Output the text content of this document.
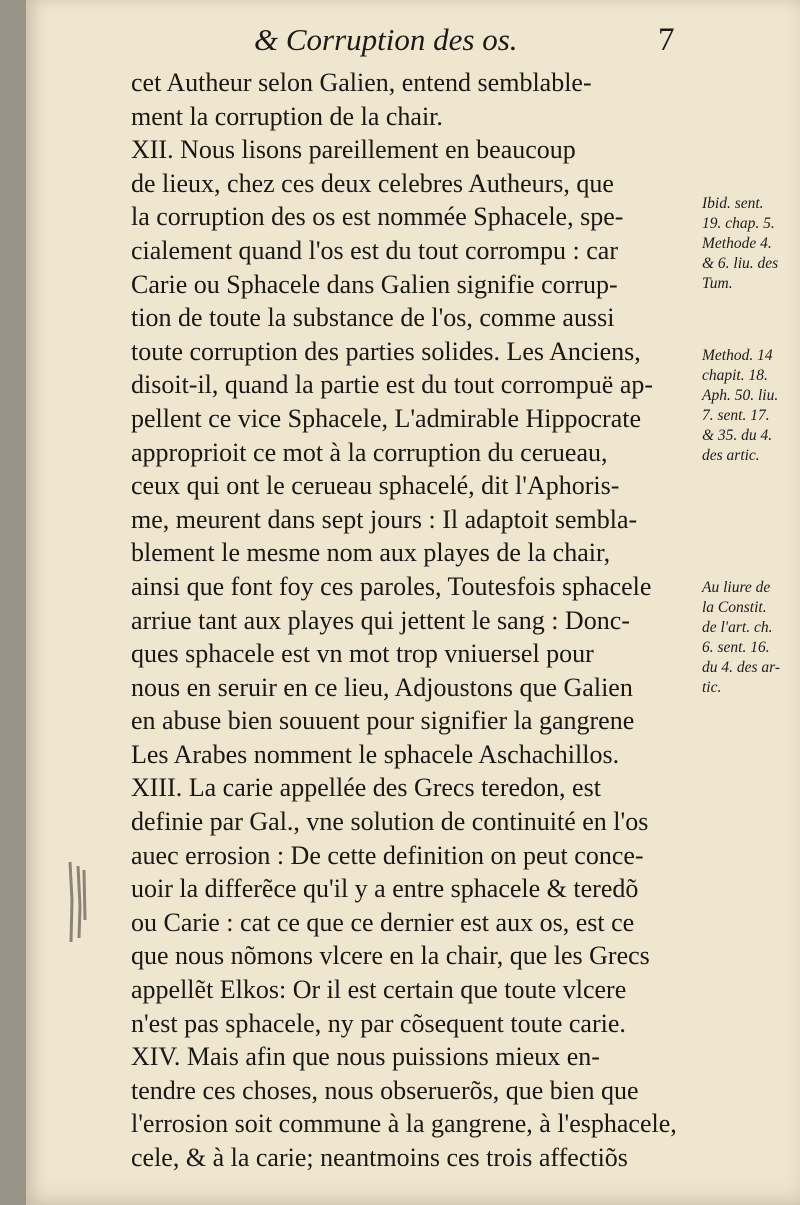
& Corruption des os.	7
cet Autheur selon Galien, entend semblable-
ment la corruption de la chair.
XII. Nous lisons pareillement en beaucoup
de lieux, chez ces deux celebres Autheurs, que
la corruption des os est nommée Sphacele, spe-
cialement quand l'os est du tout corrompu : car
Carie ou Sphacele dans Galien signifie corrup-
tion de toute la substance de l'os, comme aussi
toute corruption des parties solides. Les Anciens,
disoit-il, quand la partie est du tout corrompuë ap-
pellent ce vice Sphacele, L'admirable Hippocrate
approprioit ce mot à la corruption du cerueau,
ceux qui ont le cerueau sphacelé, dit l'Aphoris-
me, meurent dans sept jours : Il adaptoit sembla-
blement le mesme nom aux playes de la chair,
ainsi que font foy ces paroles, Toutesfois sphacele
arriue tant aux playes qui jettent le sang : Donc-
ques sphacele est vn mot trop vniuersel pour
nous en seruir en ce lieu, Adjoustons que Galien
en abuse bien souuent pour signifier la gangrene
Les Arabes nomment le sphacele Aschachillos.
XIII. La carie appellée des Grecs teredon, est
definie par Gal., vne solution de continuité en l'os
auec errosion : De cette definition on peut conce-
uoir la differẽce qu'il y a entre sphacele & teredõ
ou Carie : cat ce que ce dernier est aux os, est ce
que nous nõmons vlcere en la chair, que les Grecs
appellẽt Elkos: Or il est certain que toute vlcere
n'est pas sphacele, ny par cõsequent toute carie.
XIV. Mais afin que nous puissions mieux en-
tendre ces choses, nous obseruerõs, que bien que
l'errosion soit commune à la gangrene, à l'esphacele,
cele, & à la carie; neantmoins ces trois affectiõs
Ibid. sent.
19. chap. 5.
Methode 4.
& 6. liu. des
Tum.
Method. 14
chapit. 18.
Aph. 50. liu.
7. sent. 17.
& 35. du 4.
des artic.
Au liure de
la Constit.
de l'art. ch.
6. sent. 16.
du 4. des ar-
tic.
